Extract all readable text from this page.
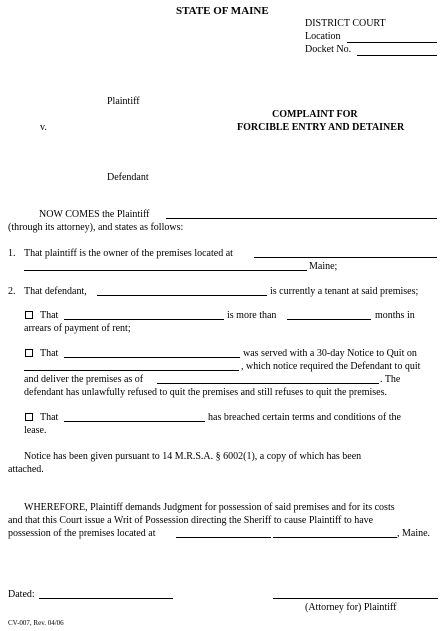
STATE OF MAINE
DISTRICT COURT
Location
Docket No.
Plaintiff
v.
Defendant
COMPLAINT FOR
FORCIBLE ENTRY AND DETAINER
NOW COMES the Plaintiff
(through its attorney), and states as follows:
1. That plaintiff is the owner of the premises located at
Maine;
2. That defendant,	is currently a tenant at said premises;
That	is more than	months in
arrears of payment of rent;
That	was served with a 30-day Notice to Quit on
, which notice required the Defendant to quit
and deliver the premises as of	. The
defendant has unlawfully refused to quit the premises and still refuses to quit the premises.
That	has breached certain terms and conditions of the
lease.
Notice has been given pursuant to 14 M.R.S.A. § 6002(1), a copy of which has been
attached.
WHEREFORE, Plaintiff demands Judgment for possession of said premises and for its costs
and that this Court issue a Writ of Possession directing the Sheriff to cause Plaintiff to have
possession of the premises located at	, Maine.
Dated:
(Attorney for) Plaintiff
CV-007, Rev. 04/06
